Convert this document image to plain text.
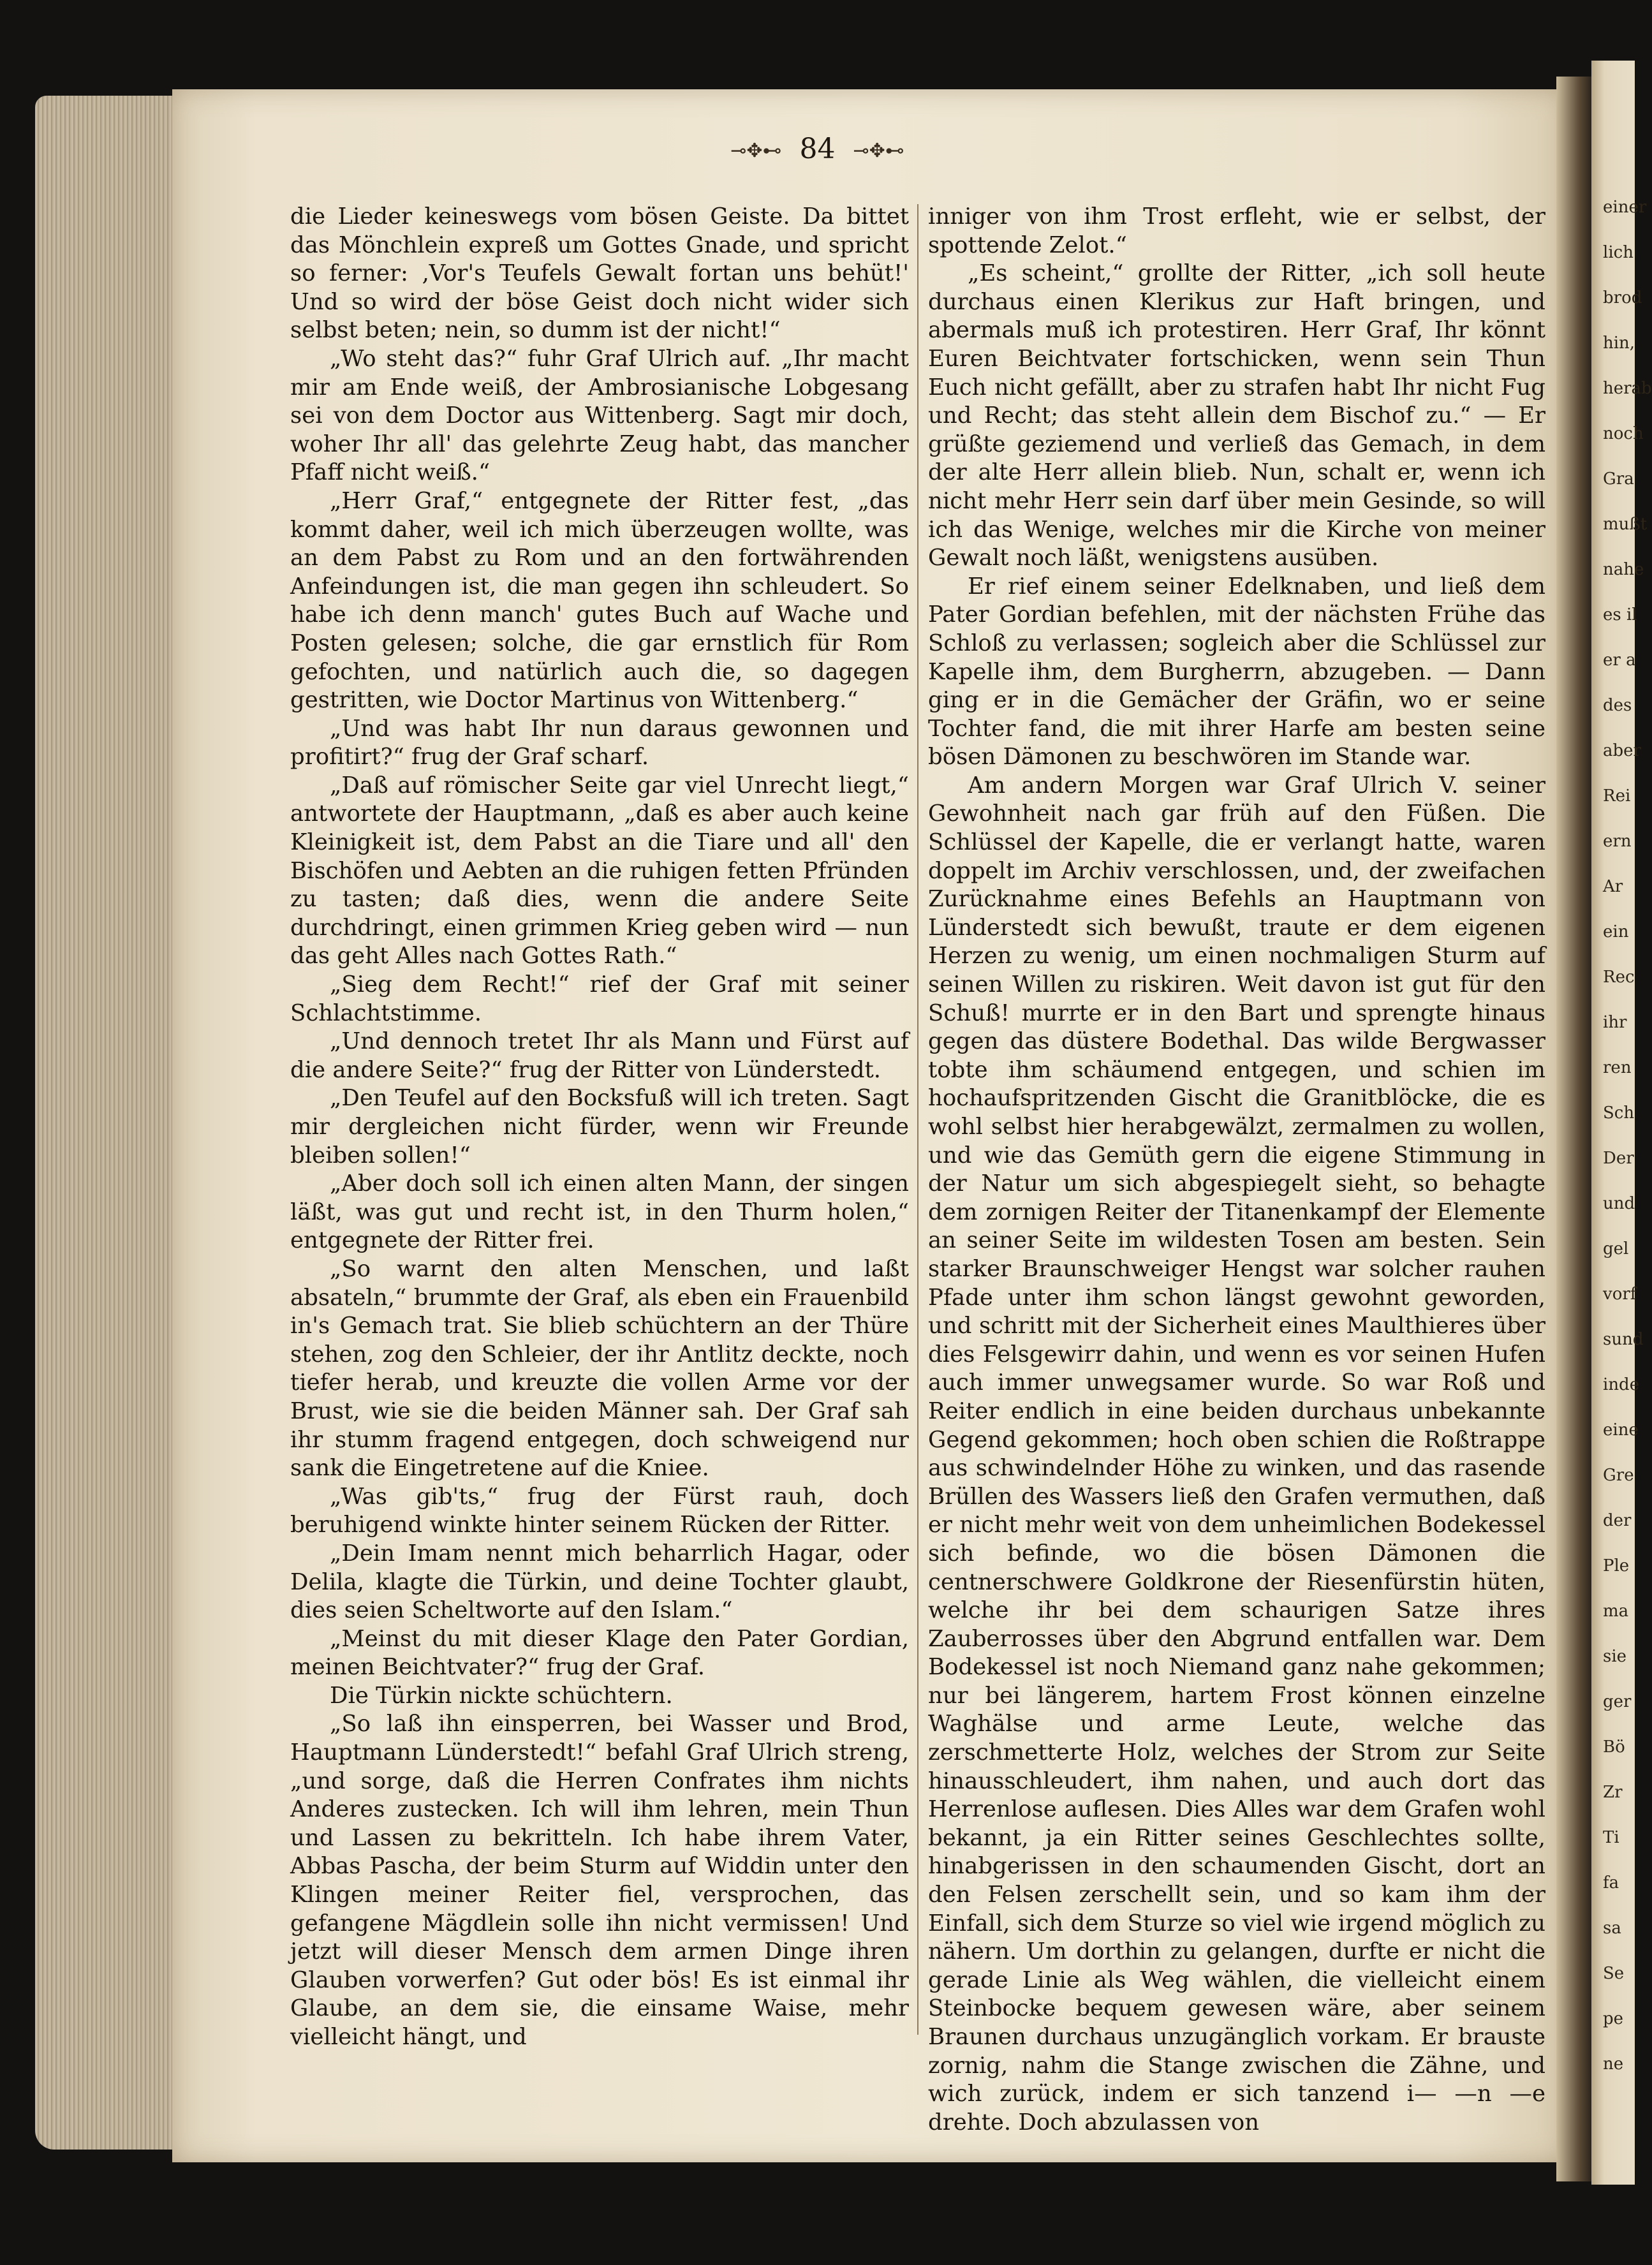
⊸✥⊷ 84 ⊸✥⊷

die Lieder keineswegs vom bösen Geiste. Da bittet das Mönchlein expreß um Gottes Gnade, und spricht so ferner: ‚Vor's Teufels Gewalt fortan uns behüt!' Und so wird der böse Geist doch nicht wider sich selbst beten; nein, so dumm ist der nicht!“

„Wo steht das?“ fuhr Graf Ulrich auf. „Ihr macht mir am Ende weiß, der Ambrosianische Lobgesang sei von dem Doctor aus Wittenberg. Sagt mir doch, woher Ihr all' das gelehrte Zeug habt, das mancher Pfaff nicht weiß.“

„Herr Graf,“ entgegnete der Ritter fest, „das kommt daher, weil ich mich überzeugen wollte, was an dem Pabst zu Rom und an den fortwährenden Anfeindungen ist, die man gegen ihn schleudert. So habe ich denn manch' gutes Buch auf Wache und Posten gelesen; solche, die gar ernstlich für Rom gefochten, und natürlich auch die, so dagegen gestritten, wie Doctor Martinus von Wittenberg.“

„Und was habt Ihr nun daraus gewonnen und profitirt?“ frug der Graf scharf.

„Daß auf römischer Seite gar viel Unrecht liegt,“ antwortete der Hauptmann, „daß es aber auch keine Kleinigkeit ist, dem Pabst an die Tiare und all' den Bischöfen und Aebten an die ruhigen fetten Pfründen zu tasten; daß dies, wenn die andere Seite durchdringt, einen grimmen Krieg geben wird — nun das geht Alles nach Gottes Rath.“

„Sieg dem Recht!“ rief der Graf mit seiner Schlachtstimme.

„Und dennoch tretet Ihr als Mann und Fürst auf die andere Seite?“ frug der Ritter von Lünderstedt.

„Den Teufel auf den Bocksfuß will ich treten. Sagt mir dergleichen nicht fürder, wenn wir Freunde bleiben sollen!“

„Aber doch soll ich einen alten Mann, der singen läßt, was gut und recht ist, in den Thurm holen,“ entgegnete der Ritter frei.

„So warnt den alten Menschen, und laßt absateln,“ brummte der Graf, als eben ein Frauenbild in's Gemach trat. Sie blieb schüchtern an der Thüre stehen, zog den Schleier, der ihr Antlitz deckte, noch tiefer herab, und kreuzte die vollen Arme vor der Brust, wie sie die beiden Männer sah. Der Graf sah ihr stumm fragend entgegen, doch schweigend nur sank die Eingetretene auf die Kniee.

„Was gib'ts,“ frug der Fürst rauh, doch beruhigend winkte hinter seinem Rücken der Ritter.

„Dein Imam nennt mich beharrlich Hagar, oder Delila, klagte die Türkin, und deine Tochter glaubt, dies seien Scheltworte auf den Islam.“

„Meinst du mit dieser Klage den Pater Gordian, meinen Beichtvater?“ frug der Graf.

Die Türkin nickte schüchtern.

„So laß ihn einsperren, bei Wasser und Brod, Hauptmann Lünderstedt!“ befahl Graf Ulrich streng, „und sorge, daß die Herren Confrates ihm nichts Anderes zustecken. Ich will ihm lehren, mein Thun und Lassen zu bekritteln. Ich habe ihrem Vater, Abbas Pascha, der beim Sturm auf Widdin unter den Klingen meiner Reiter fiel, versprochen, das gefangene Mägdlein solle ihn nicht vermissen! Und jetzt will dieser Mensch dem armen Dinge ihren Glauben vorwerfen? Gut oder bös! Es ist einmal ihr Glaube, an dem sie, die einsame Waise, mehr vielleicht hängt, und

inniger von ihm Trost erfleht, wie er selbst, der spottende Zelot.“

„Es scheint,“ grollte der Ritter, „ich soll heute durchaus einen Klerikus zur Haft bringen, und abermals muß ich protestiren. Herr Graf, Ihr könnt Euren Beichtvater fortschicken, wenn sein Thun Euch nicht gefällt, aber zu strafen habt Ihr nicht Fug und Recht; das steht allein dem Bischof zu.“ — Er grüßte geziemend und verließ das Gemach, in dem der alte Herr allein blieb. Nun, schalt er, wenn ich nicht mehr Herr sein darf über mein Gesinde, so will ich das Wenige, welches mir die Kirche von meiner Gewalt noch läßt, wenigstens ausüben.

Er rief einem seiner Edelknaben, und ließ dem Pater Gordian befehlen, mit der nächsten Frühe das Schloß zu verlassen; sogleich aber die Schlüssel zur Kapelle ihm, dem Burgherrn, abzugeben. — Dann ging er in die Gemächer der Gräfin, wo er seine Tochter fand, die mit ihrer Harfe am besten seine bösen Dämonen zu beschwören im Stande war.

Am andern Morgen war Graf Ulrich V. seiner Gewohnheit nach gar früh auf den Füßen. Die Schlüssel der Kapelle, die er verlangt hatte, waren doppelt im Archiv verschlossen, und, der zweifachen Zurücknahme eines Befehls an Hauptmann von Lünderstedt sich bewußt, traute er dem eigenen Herzen zu wenig, um einen nochmaligen Sturm auf seinen Willen zu riskiren. Weit davon ist gut für den Schuß! murrte er in den Bart und sprengte hinaus gegen das düstere Bodethal. Das wilde Bergwasser tobte ihm schäumend entgegen, und schien im hochaufspritzenden Gischt die Granitblöcke, die es wohl selbst hier herabgewälzt, zermalmen zu wollen, und wie das Gemüth gern die eigene Stimmung in der Natur um sich abgespiegelt sieht, so behagte dem zornigen Reiter der Titanenkampf der Elemente an seiner Seite im wildesten Tosen am besten. Sein starker Braunschweiger Hengst war solcher rauhen Pfade unter ihm schon längst gewohnt geworden, und schritt mit der Sicherheit eines Maulthieres über dies Felsgewirr dahin, und wenn es vor seinen Hufen auch immer unwegsamer wurde. So war Roß und Reiter endlich in eine beiden durchaus unbekannte Gegend gekommen; hoch oben schien die Roßtrappe aus schwindelnder Höhe zu winken, und das rasende Brüllen des Wassers ließ den Grafen vermuthen, daß er nicht mehr weit von dem unheimlichen Bodekessel sich befinde, wo die bösen Dämonen die centnerschwere Goldkrone der Riesenfürstin hüten, welche ihr bei dem schaurigen Satze ihres Zauberrosses über den Abgrund entfallen war. Dem Bodekessel ist noch Niemand ganz nahe gekommen; nur bei längerem, hartem Frost können einzelne Waghälse und arme Leute, welche das zerschmetterte Holz, welches der Strom zur Seite hinausschleudert, ihm nahen, und auch dort das Herrenlose auflesen. Dies Alles war dem Grafen wohl bekannt, ja ein Ritter seines Geschlechtes sollte, hinabgerissen in den schaumenden Gischt, dort an den Felsen zerschellt sein, und so kam ihm der Einfall, sich dem Sturze so viel wie irgend möglich zu nähern. Um dorthin zu gelangen, durfte er nicht die gerade Linie als Weg wählen, die vielleicht einem Steinbocke bequem gewesen wäre, aber seinem Braunen durchaus unzugänglich vorkam. Er brauste zornig, nahm die Stange zwischen die Zähne, und wich zurück, indem er sich tanzend i— —n —e drehte. Doch abzulassen von

einer
lich
brod
hin,
herab
noch
Gra
mußt
nahe
es il
er a
des
aber
Rei
ern
Ar
ein
Rec
ihr
ren
Sch
Der
und
gel
vorf
sund
inde
eine
Gre
der
Ple
ma
sie
ger
Bö
Zr
Ti
fa
sa
Se
pe
ne
